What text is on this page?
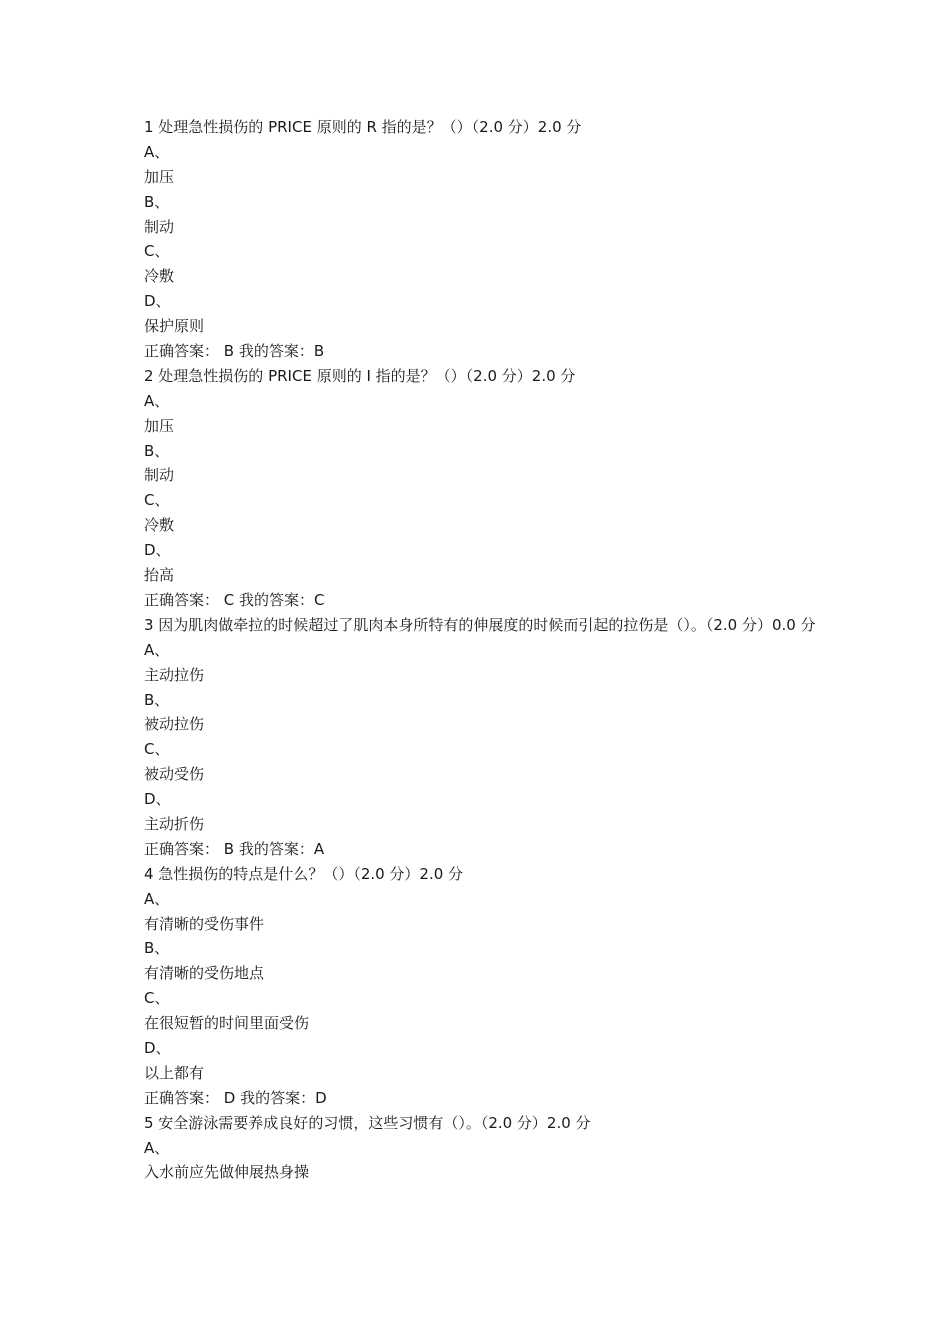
1 处理急性损伤的 PRICE 原则的 R 指的是？（）（2.0 分）2.0 分
A、
加压
B、
制动
C、
冷敷
D、
保护原则
正确答案： B 我的答案：B
2 处理急性损伤的 PRICE 原则的 I 指的是？（）（2.0 分）2.0 分
A、
加压
B、
制动
C、
冷敷
D、
抬高
正确答案： C 我的答案：C
3 因为肌肉做牵拉的时候超过了肌肉本身所特有的伸展度的时候而引起的拉伤是（）。（2.0 分）0.0 分
A、
主动拉伤
B、
被动拉伤
C、
被动受伤
D、
主动折伤
正确答案： B 我的答案：A
4 急性损伤的特点是什么？（）（2.0 分）2.0 分
A、
有清晰的受伤事件
B、
有清晰的受伤地点
C、
在很短暂的时间里面受伤
D、
以上都有
正确答案： D 我的答案：D
5 安全游泳需要养成良好的习惯，这些习惯有（）。（2.0 分）2.0 分
A、
入水前应先做伸展热身操
